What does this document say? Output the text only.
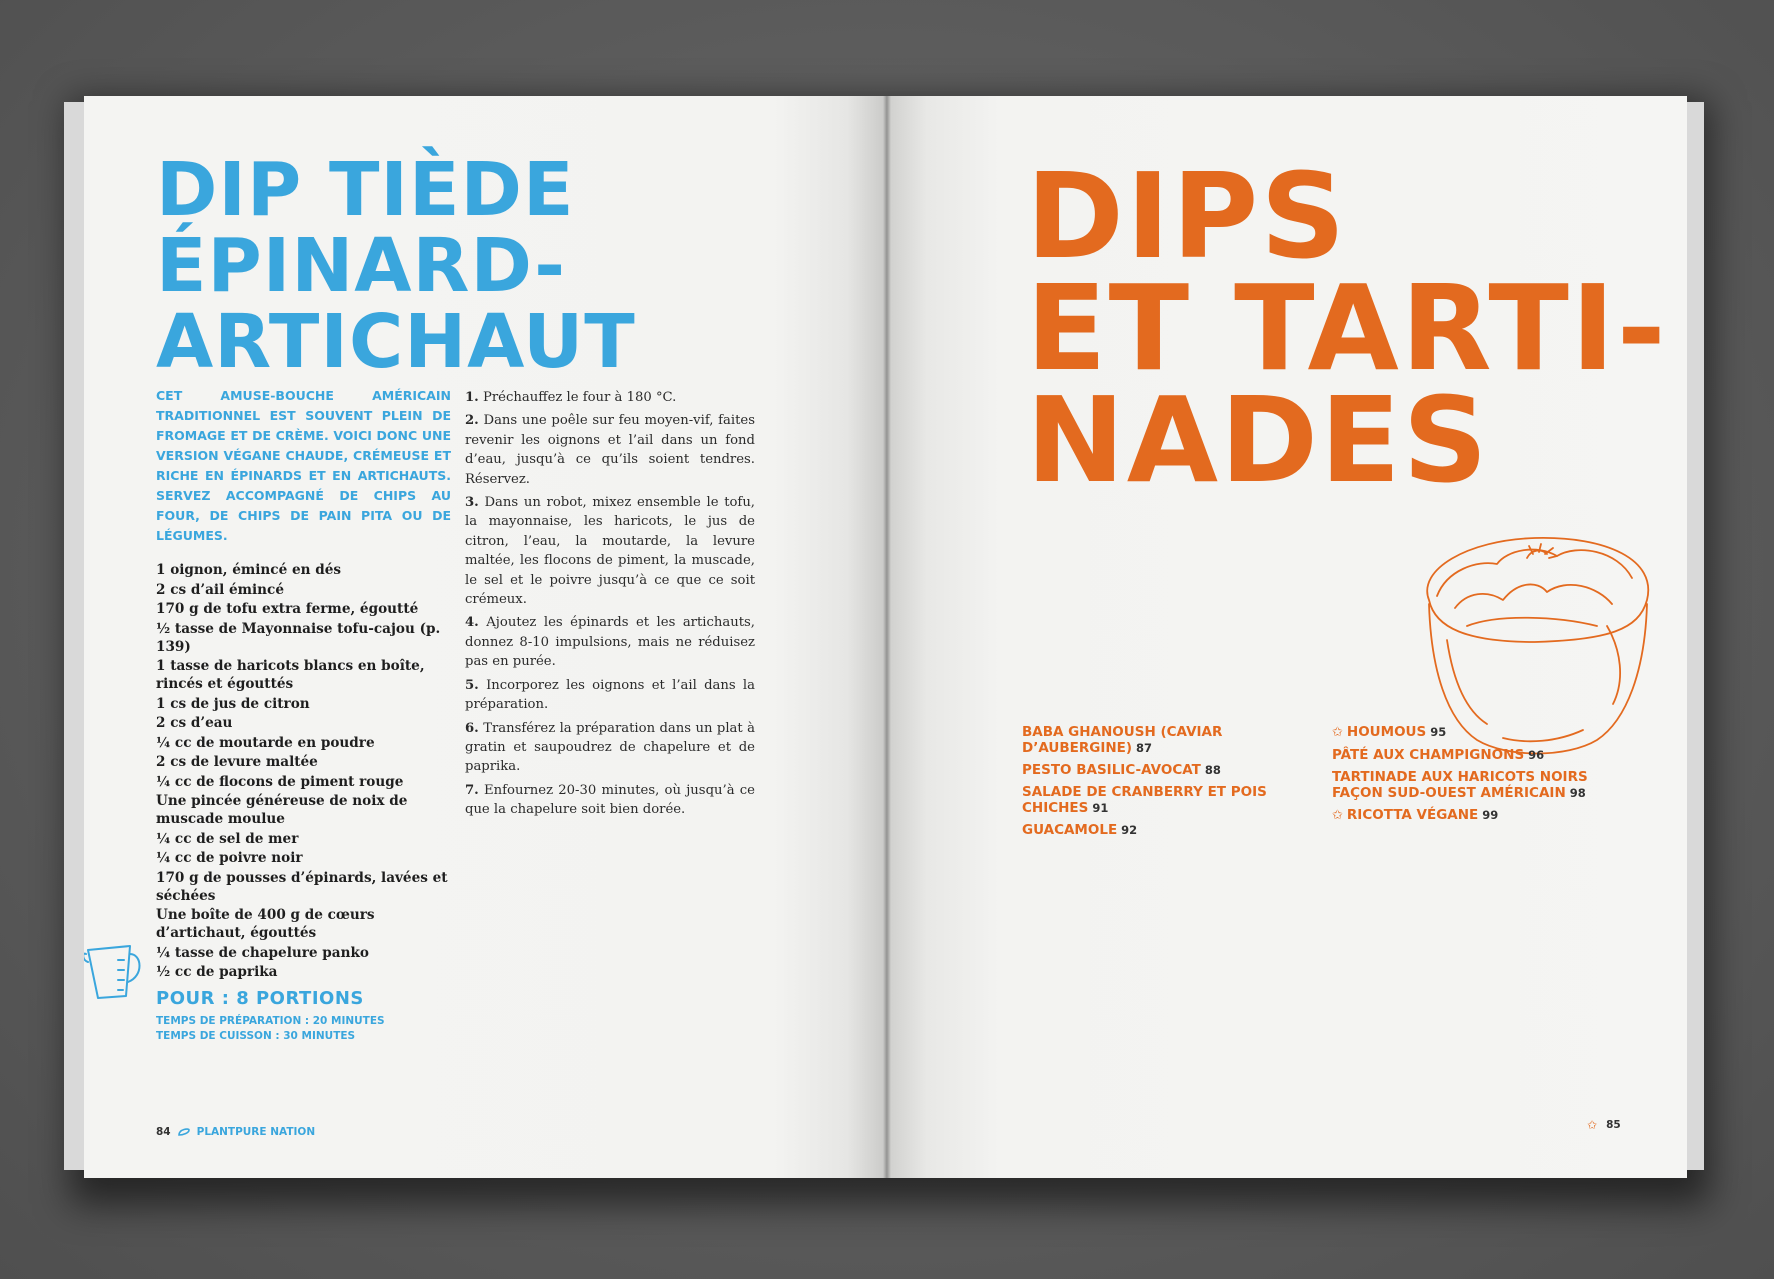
DIP TIÈDE
ÉPINARD-
ARTICHAUT

CET AMUSE-BOUCHE AMÉRICAIN TRADITIONNEL EST SOUVENT PLEIN DE FROMAGE ET DE CRÈME. VOICI DONC UNE VERSION VÉGANE CHAUDE, CRÉMEUSE ET RICHE EN ÉPINARDS ET EN ARTICHAUTS. SERVEZ ACCOMPAGNÉ DE CHIPS AU FOUR, DE CHIPS DE PAIN PITA OU DE LÉGUMES.

1 oignon, émincé en dés
2 cs d’ail émincé
170 g de tofu extra ferme, égoutté
½ tasse de Mayonnaise tofu-cajou (p. 139)
1 tasse de haricots blancs en boîte, rincés et égouttés
1 cs de jus de citron
2 cs d’eau
¼ cc de moutarde en poudre
2 cs de levure maltée
¼ cc de flocons de piment rouge
Une pincée généreuse de noix de muscade moulue
¼ cc de sel de mer
¼ cc de poivre noir
170 g de pousses d’épinards, lavées et séchées
Une boîte de 400 g de cœurs d’artichaut, égouttés
¼ tasse de chapelure panko
½ cc de paprika
1. Préchauffez le four à 180 °C.
2. Dans une poêle sur feu moyen-vif, faites revenir les oignons et l’ail dans un fond d’eau, jusqu’à ce qu’ils soient tendres. Réservez.
3. Dans un robot, mixez ensemble le tofu, la mayonnaise, les haricots, le jus de citron, l’eau, la moutarde, la levure maltée, les flocons de piment, la muscade, le sel et le poivre jusqu’à ce que ce soit crémeux.
4. Ajoutez les épinards et les artichauts, donnez 8-10 impulsions, mais ne réduisez pas en purée.
5. Incorporez les oignons et l’ail dans la préparation.
6. Transférez la préparation dans un plat à gratin et saupoudrez de chapelure et de paprika.
7. Enfournez 20-30 minutes, où jusqu’à ce que la chapelure soit bien dorée.

POUR : 8 PORTIONS

TEMPS DE PRÉPARATION : 20 MINUTES
TEMPS DE CUISSON : 30 MINUTES
84 PLANTPURE NATION
DIPS
ET TARTI-
NADES
BABA GHANOUSH (CAVIAR D’AUBERGINE) 87
PESTO BASILIC-AVOCAT 88
SALADE DE CRANBERRY ET POIS CHICHES 91
GUACAMOLE 92
✩ HOUMOUS 95
PÂTÉ AUX CHAMPIGNONS 96
TARTINADE AUX HARICOTS NOIRS FAÇON SUD-OUEST AMÉRICAIN 98
✩ RICOTTA VÉGANE 99
✩ 85
